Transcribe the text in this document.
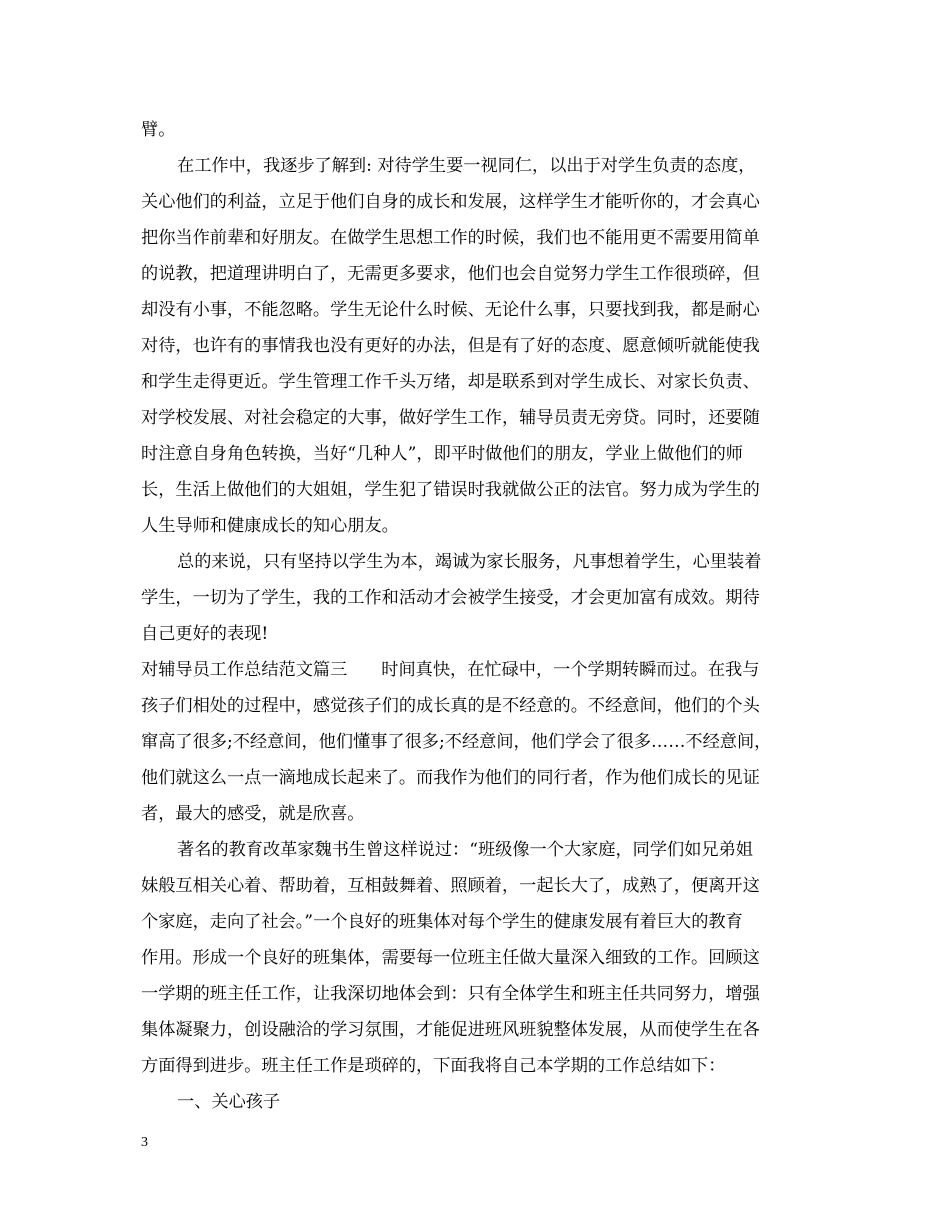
臂。
在工作中，我逐步了解到: 对待学生要一视同仁，以出于对学生负责的态度，
关心他们的利益，立足于他们自身的成长和发展，这样学生才能听你的，才会真心
把你当作前辈和好朋友。在做学生思想工作的时候，我们也不能用更不需要用简单
的说教，把道理讲明白了，无需更多要求，他们也会自觉努力学生工作很琐碎，但
却没有小事，不能忽略。学生无论什么时候、无论什么事，只要找到我，都是耐心
对待，也许有的事情我也没有更好的办法，但是有了好的态度、愿意倾听就能使我
和学生走得更近。学生管理工作千头万绪，却是联系到对学生成长、对家长负责、
对学校发展、对社会稳定的大事，做好学生工作，辅导员责无旁贷。同时，还要随
时注意自身角色转换，当好“几种人”，即平时做他们的朋友，学业上做他们的师
长，生活上做他们的大姐姐，学生犯了错误时我就做公正的法官。努力成为学生的
人生导师和健康成长的知心朋友。
总的来说，只有坚持以学生为本，竭诚为家长服务，凡事想着学生，心里装着
学生，一切为了学生，我的工作和活动才会被学生接受，才会更加富有成效。期待
自己更好的表现!
对辅导员工作总结范文篇三 时间真快，在忙碌中，一个学期转瞬而过。在我与
孩子们相处的过程中，感觉孩子们的成长真的是不经意的。不经意间，他们的个头
窜高了很多;不经意间，他们懂事了很多;不经意间，他们学会了很多……不经意间，
他们就这么一点一滴地成长起来了。而我作为他们的同行者，作为他们成长的见证
者，最大的感受，就是欣喜。
著名的教育改革家魏书生曾这样说过：“班级像一个大家庭，同学们如兄弟姐
妹般互相关心着、帮助着，互相鼓舞着、照顾着，一起长大了，成熟了，便离开这
个家庭，走向了社会。”一个良好的班集体对每个学生的健康发展有着巨大的教育
作用。形成一个良好的班集体，需要每一位班主任做大量深入细致的工作。回顾这
一学期的班主任工作，让我深切地体会到：只有全体学生和班主任共同努力，增强
集体凝聚力，创设融洽的学习氛围，才能促进班风班貌整体发展，从而使学生在各
方面得到进步。班主任工作是琐碎的，下面我将自己本学期的工作总结如下：
一、关心孩子
3
